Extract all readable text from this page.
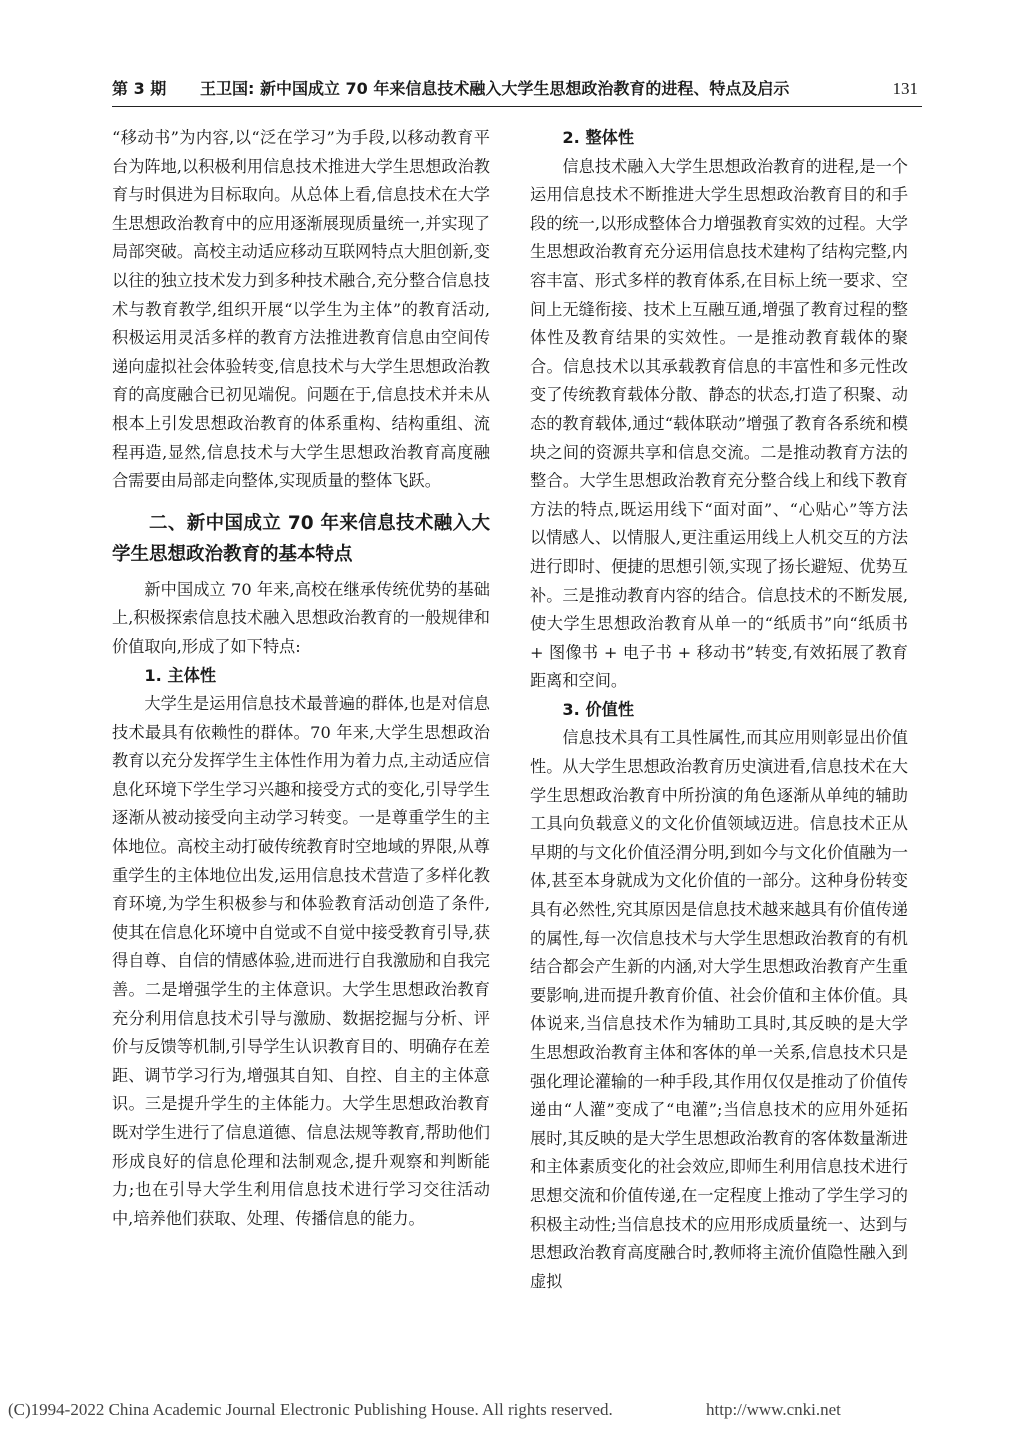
第 3 期 王卫国: 新中国成立 70 年来信息技术融入大学生思想政治教育的进程、特点及启示	131

“移动书”为内容,以“泛在学习”为手段,以移动教育平台为阵地,以积极利用信息技术推进大学生思想政治教育与时俱进为目标取向。从总体上看,信息技术在大学生思想政治教育中的应用逐渐展现质量统一,并实现了局部突破。高校主动适应移动互联网特点大胆创新,变以往的独立技术发力到多种技术融合,充分整合信息技术与教育教学,组织开展“以学生为主体”的教育活动,积极运用灵活多样的教育方法推进教育信息由空间传递向虚拟社会体验转变,信息技术与大学生思想政治教育的高度融合已初见端倪。问题在于,信息技术并未从根本上引发思想政治教育的体系重构、结构重组、流程再造,显然,信息技术与大学生思想政治教育高度融合需要由局部走向整体,实现质量的整体飞跃。

二、新中国成立 70 年来信息技术融入大学生思想政治教育的基本特点

新中国成立 70 年来,高校在继承传统优势的基础上,积极探索信息技术融入思想政治教育的一般规律和价值取向,形成了如下特点:

1. 主体性

大学生是运用信息技术最普遍的群体,也是对信息技术最具有依赖性的群体。70 年来,大学生思想政治教育以充分发挥学生主体性作用为着力点,主动适应信息化环境下学生学习兴趣和接受方式的变化,引导学生逐渐从被动接受向主动学习转变。一是尊重学生的主体地位。高校主动打破传统教育时空地域的界限,从尊重学生的主体地位出发,运用信息技术营造了多样化教育环境,为学生积极参与和体验教育活动创造了条件,使其在信息化环境中自觉或不自觉中接受教育引导,获得自尊、自信的情感体验,进而进行自我激励和自我完善。二是增强学生的主体意识。大学生思想政治教育充分利用信息技术引导与激励、数据挖掘与分析、评价与反馈等机制,引导学生认识教育目的、明确存在差距、调节学习行为,增强其自知、自控、自主的主体意识。三是提升学生的主体能力。大学生思想政治教育既对学生进行了信息道德、信息法规等教育,帮助他们形成良好的信息伦理和法制观念,提升观察和判断能力;也在引导大学生利用信息技术进行学习交往活动中,培养他们获取、处理、传播信息的能力。

2. 整体性

信息技术融入大学生思想政治教育的进程,是一个运用信息技术不断推进大学生思想政治教育目的和手段的统一,以形成整体合力增强教育实效的过程。大学生思想政治教育充分运用信息技术建构了结构完整,内容丰富、形式多样的教育体系,在目标上统一要求、空间上无缝衔接、技术上互融互通,增强了教育过程的整体性及教育结果的实效性。一是推动教育载体的聚合。信息技术以其承载教育信息的丰富性和多元性改变了传统教育载体分散、静态的状态,打造了积聚、动态的教育载体,通过“载体联动”增强了教育各系统和模块之间的资源共享和信息交流。二是推动教育方法的整合。大学生思想政治教育充分整合线上和线下教育方法的特点,既运用线下“面对面”、“心贴心”等方法以情感人、以情服人,更注重运用线上人机交互的方法进行即时、便捷的思想引领,实现了扬长避短、优势互补。三是推动教育内容的结合。信息技术的不断发展,使大学生思想政治教育从单一的“纸质书”向“纸质书 + 图像书 + 电子书 + 移动书”转变,有效拓展了教育距离和空间。

3. 价值性

信息技术具有工具性属性,而其应用则彰显出价值性。从大学生思想政治教育历史演进看,信息技术在大学生思想政治教育中所扮演的角色逐渐从单纯的辅助工具向负载意义的文化价值领域迈进。信息技术正从早期的与文化价值泾渭分明,到如今与文化价值融为一体,甚至本身就成为文化价值的一部分。这种身份转变具有必然性,究其原因是信息技术越来越具有价值传递的属性,每一次信息技术与大学生思想政治教育的有机结合都会产生新的内涵,对大学生思想政治教育产生重要影响,进而提升教育价值、社会价值和主体价值。具体说来,当信息技术作为辅助工具时,其反映的是大学生思想政治教育主体和客体的单一关系,信息技术只是强化理论灌输的一种手段,其作用仅仅是推动了价值传递由“人灌”变成了“电灌”;当信息技术的应用外延拓展时,其反映的是大学生思想政治教育的客体数量渐进和主体素质变化的社会效应,即师生利用信息技术进行思想交流和价值传递,在一定程度上推动了学生学习的积极主动性;当信息技术的应用形成质量统一、达到与思想政治教育高度融合时,教师将主流价值隐性融入到虚拟

(C)1994-2022 China Academic Journal Electronic Publishing House. All rights reserved.	http://www.cnki.net
